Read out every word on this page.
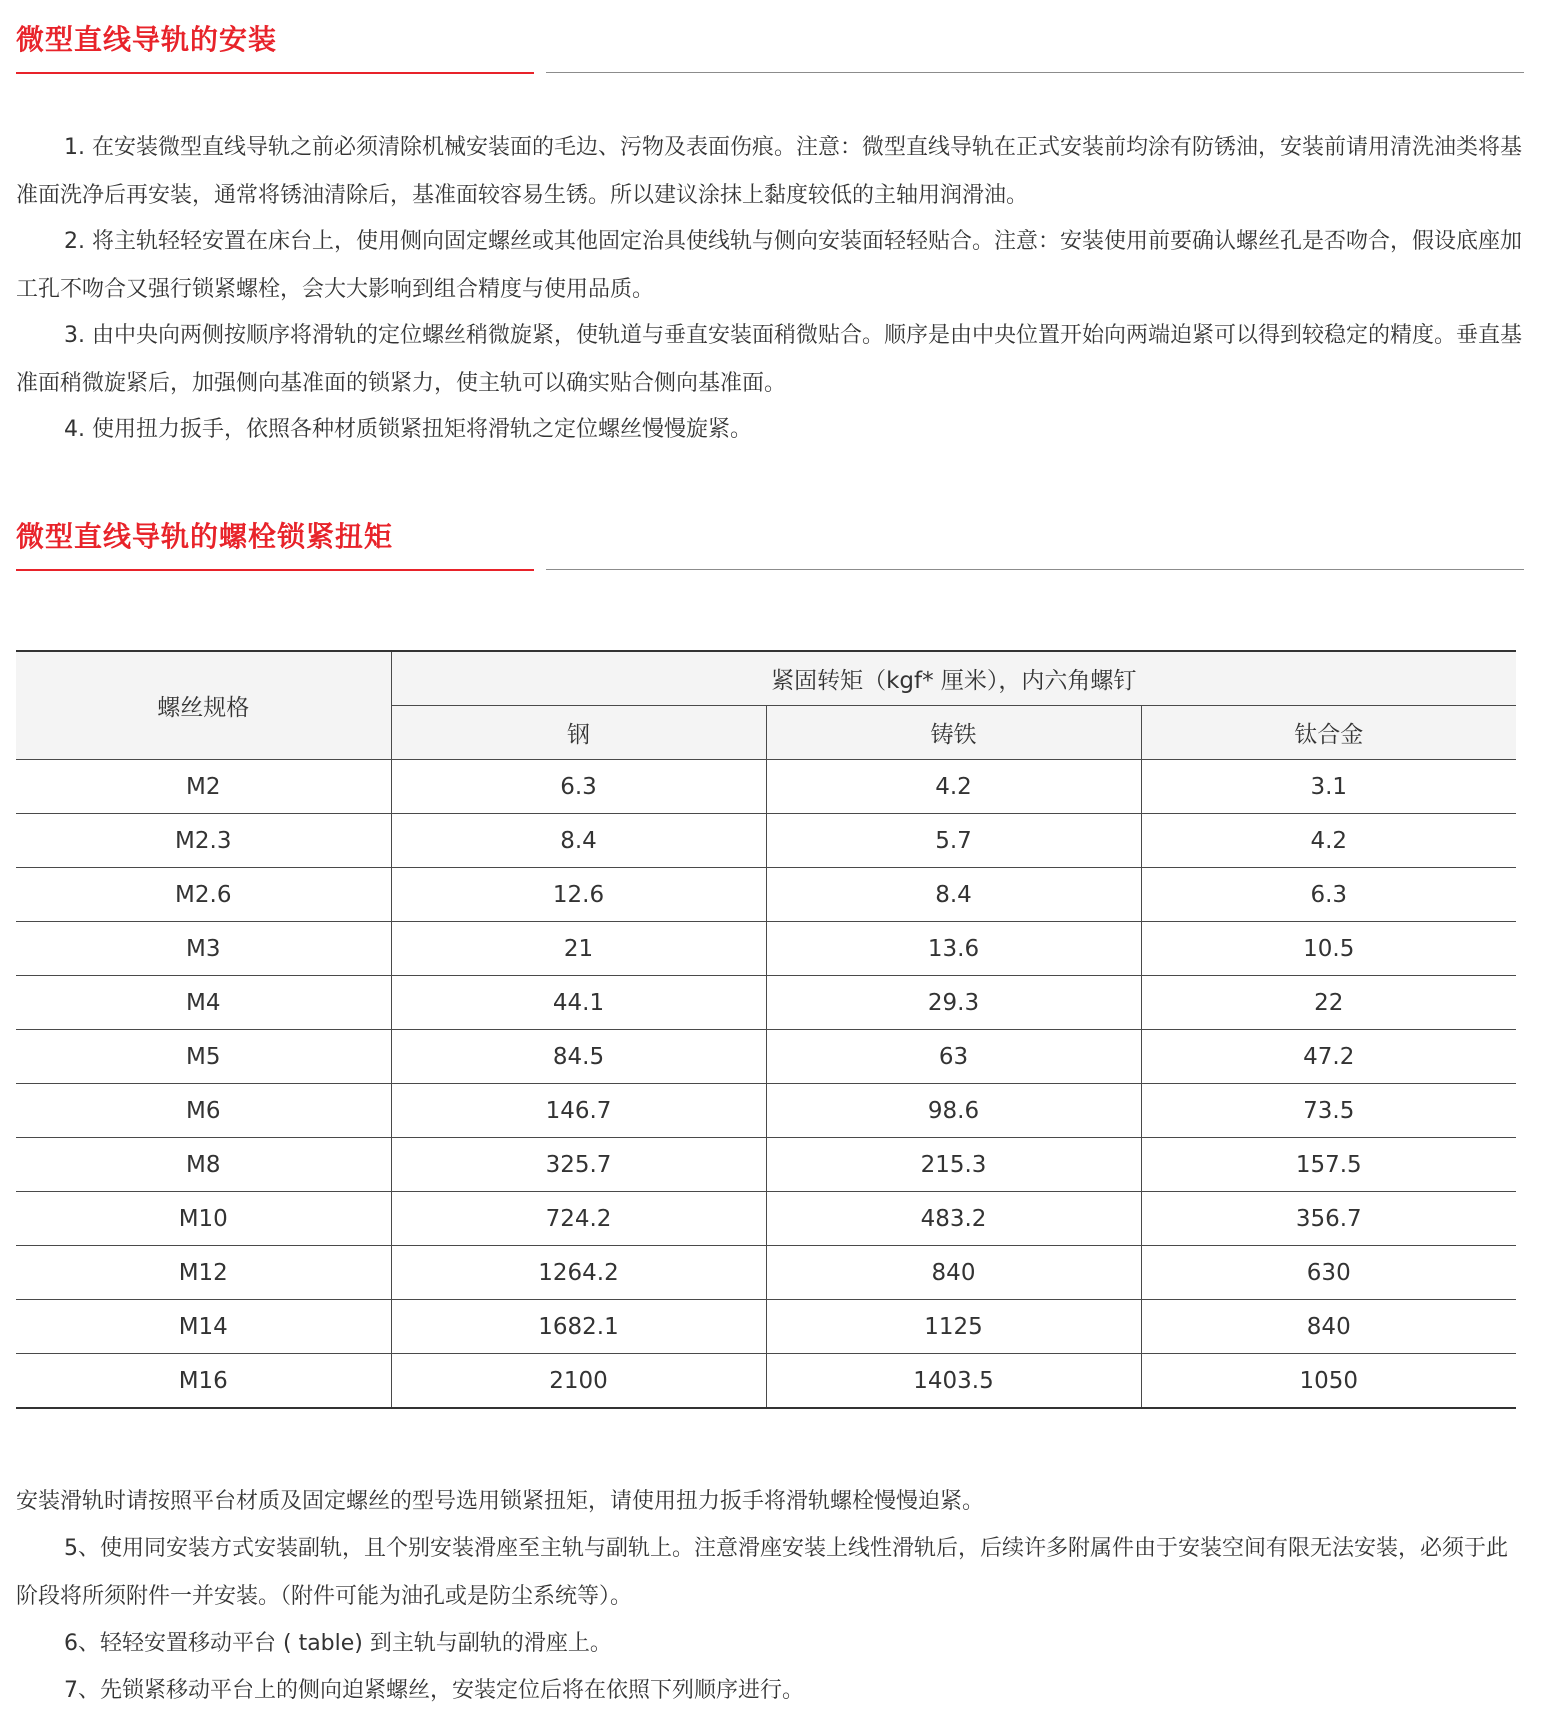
微型直线导轨的安装

1. 在安装微型直线导轨之前必须清除机械安装面的毛边、污物及表面伤痕。注意：微型直线导轨在正式安装前均涂有防锈油，安装前请用清洗油类将基准面洗净后再安装，通常将锈油清除后，基准面较容易生锈。所以建议涂抹上黏度较低的主轴用润滑油。

2. 将主轨轻轻安置在床台上，使用侧向固定螺丝或其他固定治具使线轨与侧向安装面轻轻贴合。注意：安装使用前要确认螺丝孔是否吻合，假设底座加工孔不吻合又强行锁紧螺栓，会大大影响到组合精度与使用品质。

3. 由中央向两侧按顺序将滑轨的定位螺丝稍微旋紧，使轨道与垂直安装面稍微贴合。顺序是由中央位置开始向两端迫紧可以得到较稳定的精度。垂直基准面稍微旋紧后，加强侧向基准面的锁紧力，使主轨可以确实贴合侧向基准面。

4. 使用扭力扳手，依照各种材质锁紧扭矩将滑轨之定位螺丝慢慢旋紧。

微型直线导轨的螺栓锁紧扭矩
螺丝规格	紧固转矩（kgf* 厘米），内六角螺钉		
	钢	铸铁	钛合金
M2	6.3	4.2	3.1
M2.3	8.4	5.7	4.2
M2.6	12.6	8.4	6.3
M3	21	13.6	10.5
M4	44.1	29.3	22
M5	84.5	63	47.2
M6	146.7	98.6	73.5
M8	325.7	215.3	157.5
M10	724.2	483.2	356.7
M12	1264.2	840	630
M14	1682.1	1125	840
M16	2100	1403.5	1050

安装滑轨时请按照平台材质及固定螺丝的型号选用锁紧扭矩，请使用扭力扳手将滑轨螺栓慢慢迫紧。

5、使用同安装方式安装副轨，且个别安装滑座至主轨与副轨上。注意滑座安装上线性滑轨后，后续许多附属件由于安装空间有限无法安装，必须于此阶段将所须附件一并安装。（附件可能为油孔或是防尘系统等）。

6、轻轻安置移动平台 ( table) 到主轨与副轨的滑座上。

7、先锁紧移动平台上的侧向迫紧螺丝，安装定位后将在依照下列顺序进行。
